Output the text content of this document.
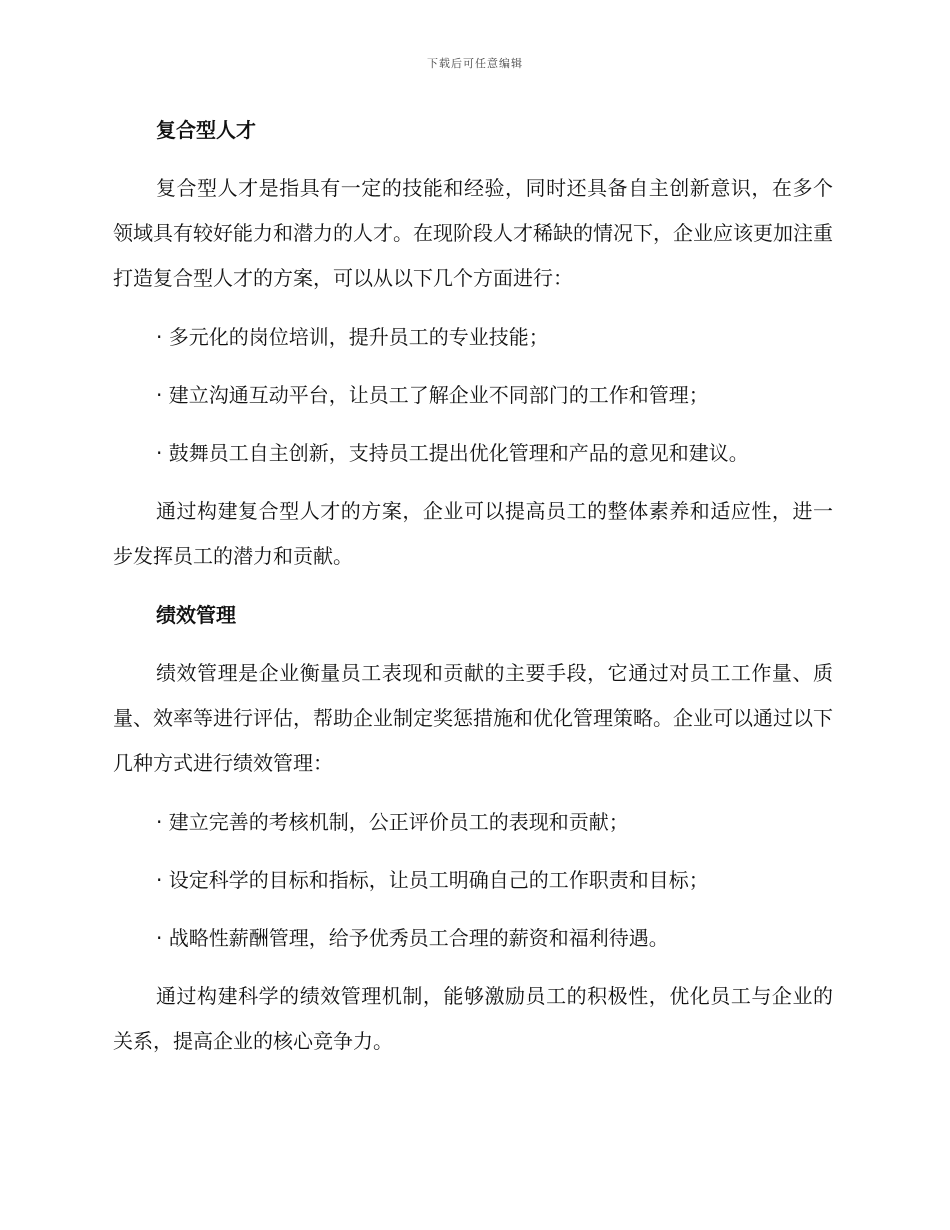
下载后可任意编辑
复合型人才

复合型人才是指具有一定的技能和经验，同时还具备自主创新意识，在多个领域具有较好能力和潜力的人才。在现阶段人才稀缺的情况下，企业应该更加注重打造复合型人才的方案，可以从以下几个方面进行：

· 多元化的岗位培训，提升员工的专业技能；

· 建立沟通互动平台，让员工了解企业不同部门的工作和管理；

· 鼓舞员工自主创新，支持员工提出优化管理和产品的意见和建议。

通过构建复合型人才的方案，企业可以提高员工的整体素养和适应性，进一步发挥员工的潜力和贡献。

绩效管理

绩效管理是企业衡量员工表现和贡献的主要手段，它通过对员工工作量、质量、效率等进行评估，帮助企业制定奖惩措施和优化管理策略。企业可以通过以下几种方式进行绩效管理：

· 建立完善的考核机制，公正评价员工的表现和贡献；

· 设定科学的目标和指标，让员工明确自己的工作职责和目标；

· 战略性薪酬管理，给予优秀员工合理的薪资和福利待遇。

通过构建科学的绩效管理机制，能够激励员工的积极性，优化员工与企业的关系，提高企业的核心竞争力。
